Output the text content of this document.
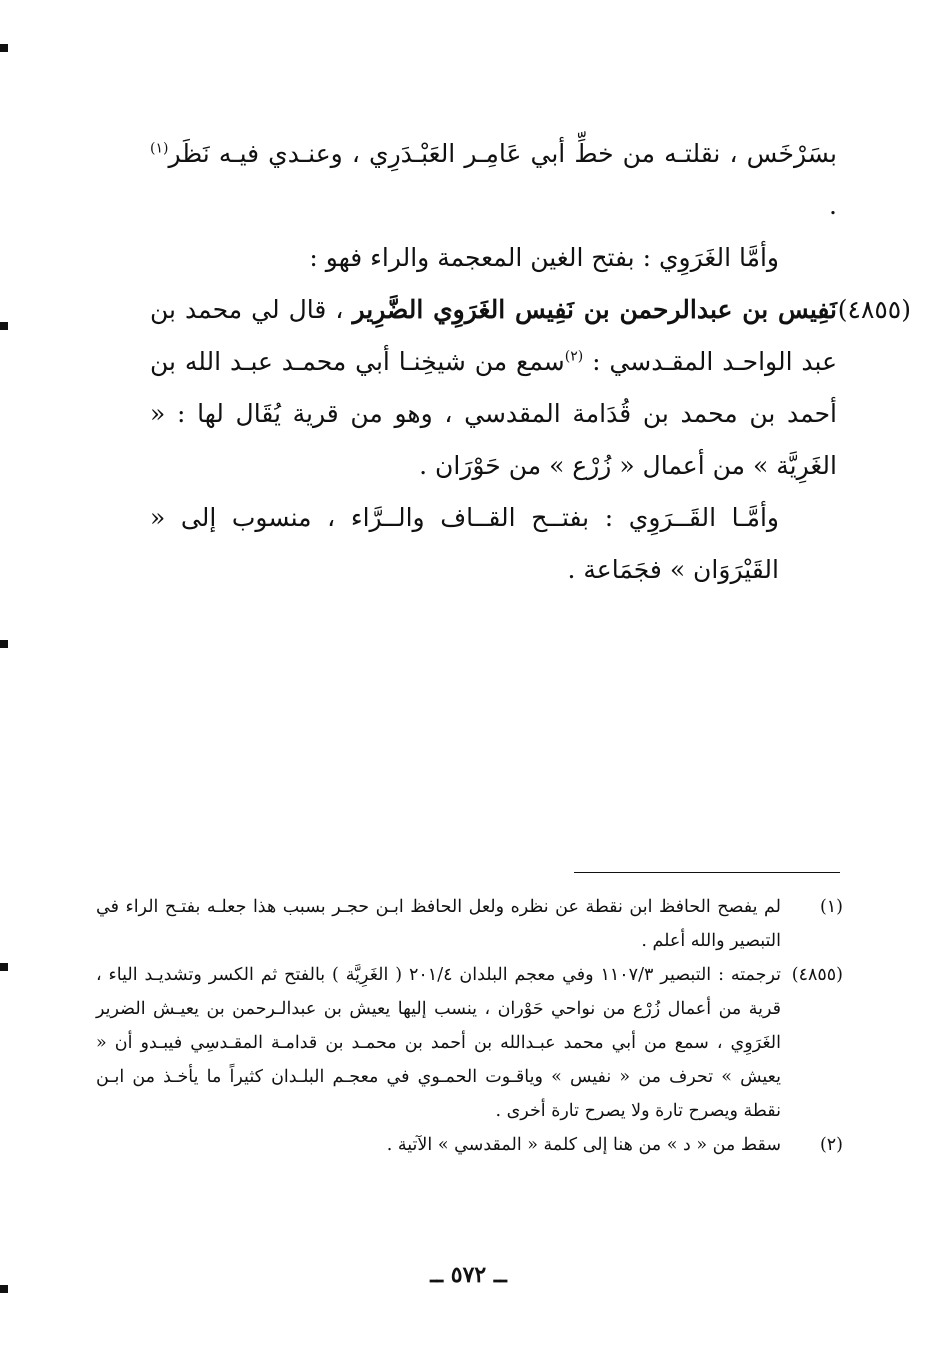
بسَرْخَس ، نقلتـه من خطِّ أبي عَامِـر العَبْـدَرِي ، وعنـدي فيـه نَظَر$^{(١)}$ .

وأمَّا الغَرَوِي : بفتح الغين المعجمة والراء فهو :

(٤٨٥٥)
نَفِيس بن عبدالرحمن بن نَفِيس الغَرَوِي الضَّرِير ، قال لي محمد بن عبد الواحـد المقـدسي : $^{(٢)}$سمع من شيخِنـا أبي محمـد عبـد الله بن أحمد بن محمد بن قُدَامة المقدسي ، وهو من قرية يُقَال لها : « الغَرِيَّة » من أعمال « زُرْع » من حَوْرَان .

وأمَّـا القَــرَوِي : بفتــح القــاف والــرَّاء ، منسوب إلى « القَيْرَوَان » فجَمَاعة .

(١)
لم يفصح الحافظ ابن نقطة عن نظره ولعل الحافظ ابـن حجـر بسبب هذا جعلـه بفتـح الراء في التبصير والله أعلم .

(٤٨٥٥)
ترجمته : التبصير ١١٠٧/٣ وفي معجم البلدان ٢٠١/٤ ( الغَرِيَّة ) بالفتح ثم الكسر وتشديـد الياء ، قرية من أعمال زُرْع من نواحي حَوْران ، ينسب إليها يعيش بن عبدالـرحمن بن يعيـش الضرير الغَرَوِي ، سمع من أبي محمد عبـدالله بن أحمد بن محمـد بن قدامـة المقـدسِي فيبـدو أن « يعيش » تحرف من « نفيس » وياقـوت الحمـوي في معجـم البلـدان كثيراً ما يأخـذ من ابـن نقطة ويصرح تارة ولا يصرح تارة أخرى .

(٢)
سقط من « د » من هنا إلى كلمة « المقدسي » الآتية .

ــ ٥٧٢ ــ
